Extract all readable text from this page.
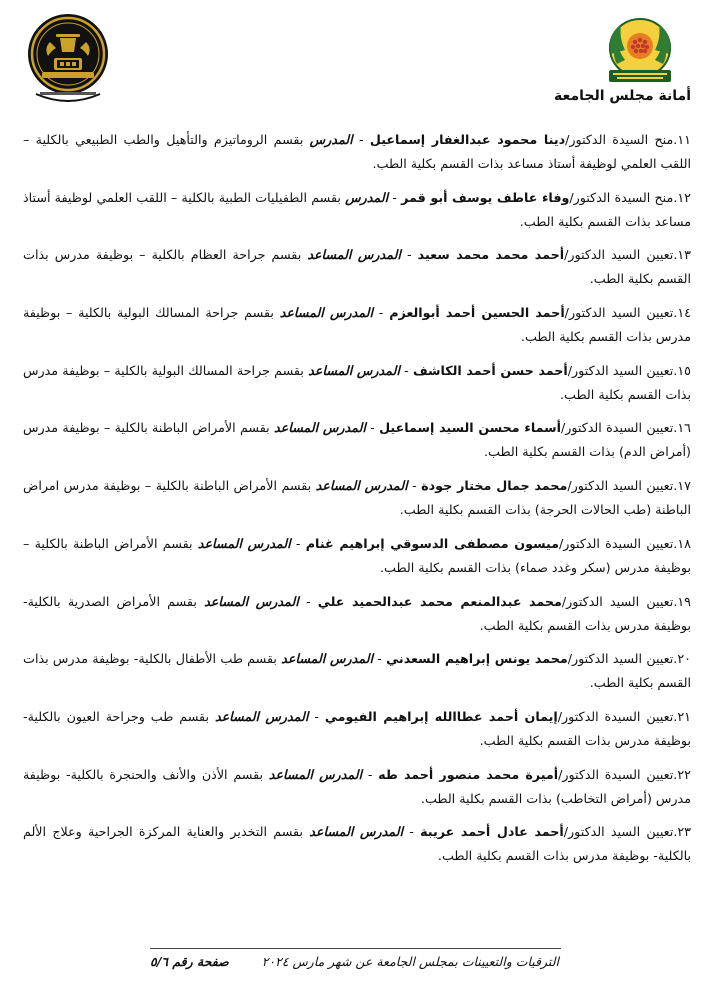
أمانة مجلس الجامعة
١١.منح السيدة الدكتور/دينا محمود عبدالغفار إسماعيل - المدرس بقسم الروماتيزم والتأهيل والطب الطبيعي بالكلية – اللقب العلمي لوظيفة أستاذ مساعد بذات القسم بكلية الطب.
١٢.منح السيدة الدكتور/وفاء عاطف يوسف أبو قمر - المدرس بقسم الطفيليات الطبية بالكلية – اللقب العلمي لوظيفة أستاذ مساعد بذات القسم بكلية الطب.
١٣.تعيين السيد الدكتور/أحمد محمد محمد سعيد - المدرس المساعد بقسم جراحة العظام بالكلية – بوظيفة مدرس بذات القسم بكلية الطب.
١٤.تعيين السيد الدكتور/أحمد الحسين أحمد أبوالعزم - المدرس المساعد بقسم جراحة المسالك البولية بالكلية – بوظيفة مدرس بذات القسم بكلية الطب.
١٥.تعيين السيد الدكتور/أحمد حسن أحمد الكاشف - المدرس المساعد بقسم جراحة المسالك البولية بالكلية – بوظيفة مدرس بذات القسم بكلية الطب.
١٦.تعيين السيدة الدكتور/أسماء محسن السيد إسماعيل - المدرس المساعد بقسم الأمراض الباطنة بالكلية – بوظيفة مدرس (أمراض الدم) بذات القسم بكلية الطب.
١٧.تعيين السيد الدكتور/محمد جمال مختار جودة - المدرس المساعد بقسم الأمراض الباطنة بالكلية – بوظيفة مدرس امراض الباطنة (طب الحالات الحرجة) بذات القسم بكلية الطب.
١٨.تعيين السيدة الدكتور/ميسون مصطفى الدسوقي إبراهيم غنام - المدرس المساعد بقسم الأمراض الباطنة بالكلية – بوظيفة مدرس (سكر وغدد صماء) بذات القسم بكلية الطب.
١٩.تعيين السيد الدكتور/محمد عبدالمنعم محمد عبدالحميد علي - المدرس المساعد بقسم الأمراض الصدرية بالكلية- بوظيفة مدرس بذات القسم بكلية الطب.
٢٠.تعيين السيد الدكتور/محمد يونس إبراهيم السعدني - المدرس المساعد بقسم طب الأطفال بالكلية- بوظيفة مدرس بذات القسم بكلية الطب.
٢١.تعيين السيدة الدكتور/إيمان أحمد عطاالله إبراهيم الفيومي - المدرس المساعد بقسم طب وجراحة العيون بالكلية- بوظيفة مدرس بذات القسم بكلية الطب.
٢٢.تعيين السيدة الدكتور/أميرة محمد منصور أحمد طه - المدرس المساعد بقسم الأذن والأنف والحنجرة بالكلية- بوظيفة مدرس (أمراض التخاطب) بذات القسم بكلية الطب.
٢٣.تعيين السيد الدكتور/أحمد عادل أحمد عريبة - المدرس المساعد بقسم التخدير والعناية المركزة الجراحية وعلاج الألم بالكلية- بوظيفة مدرس بذات القسم بكلية الطب.
الترقيات والتعيينات بمجلس الجامعة عن شهر مارس ٢٠٢٤
صفحة رقم ٥/٦
